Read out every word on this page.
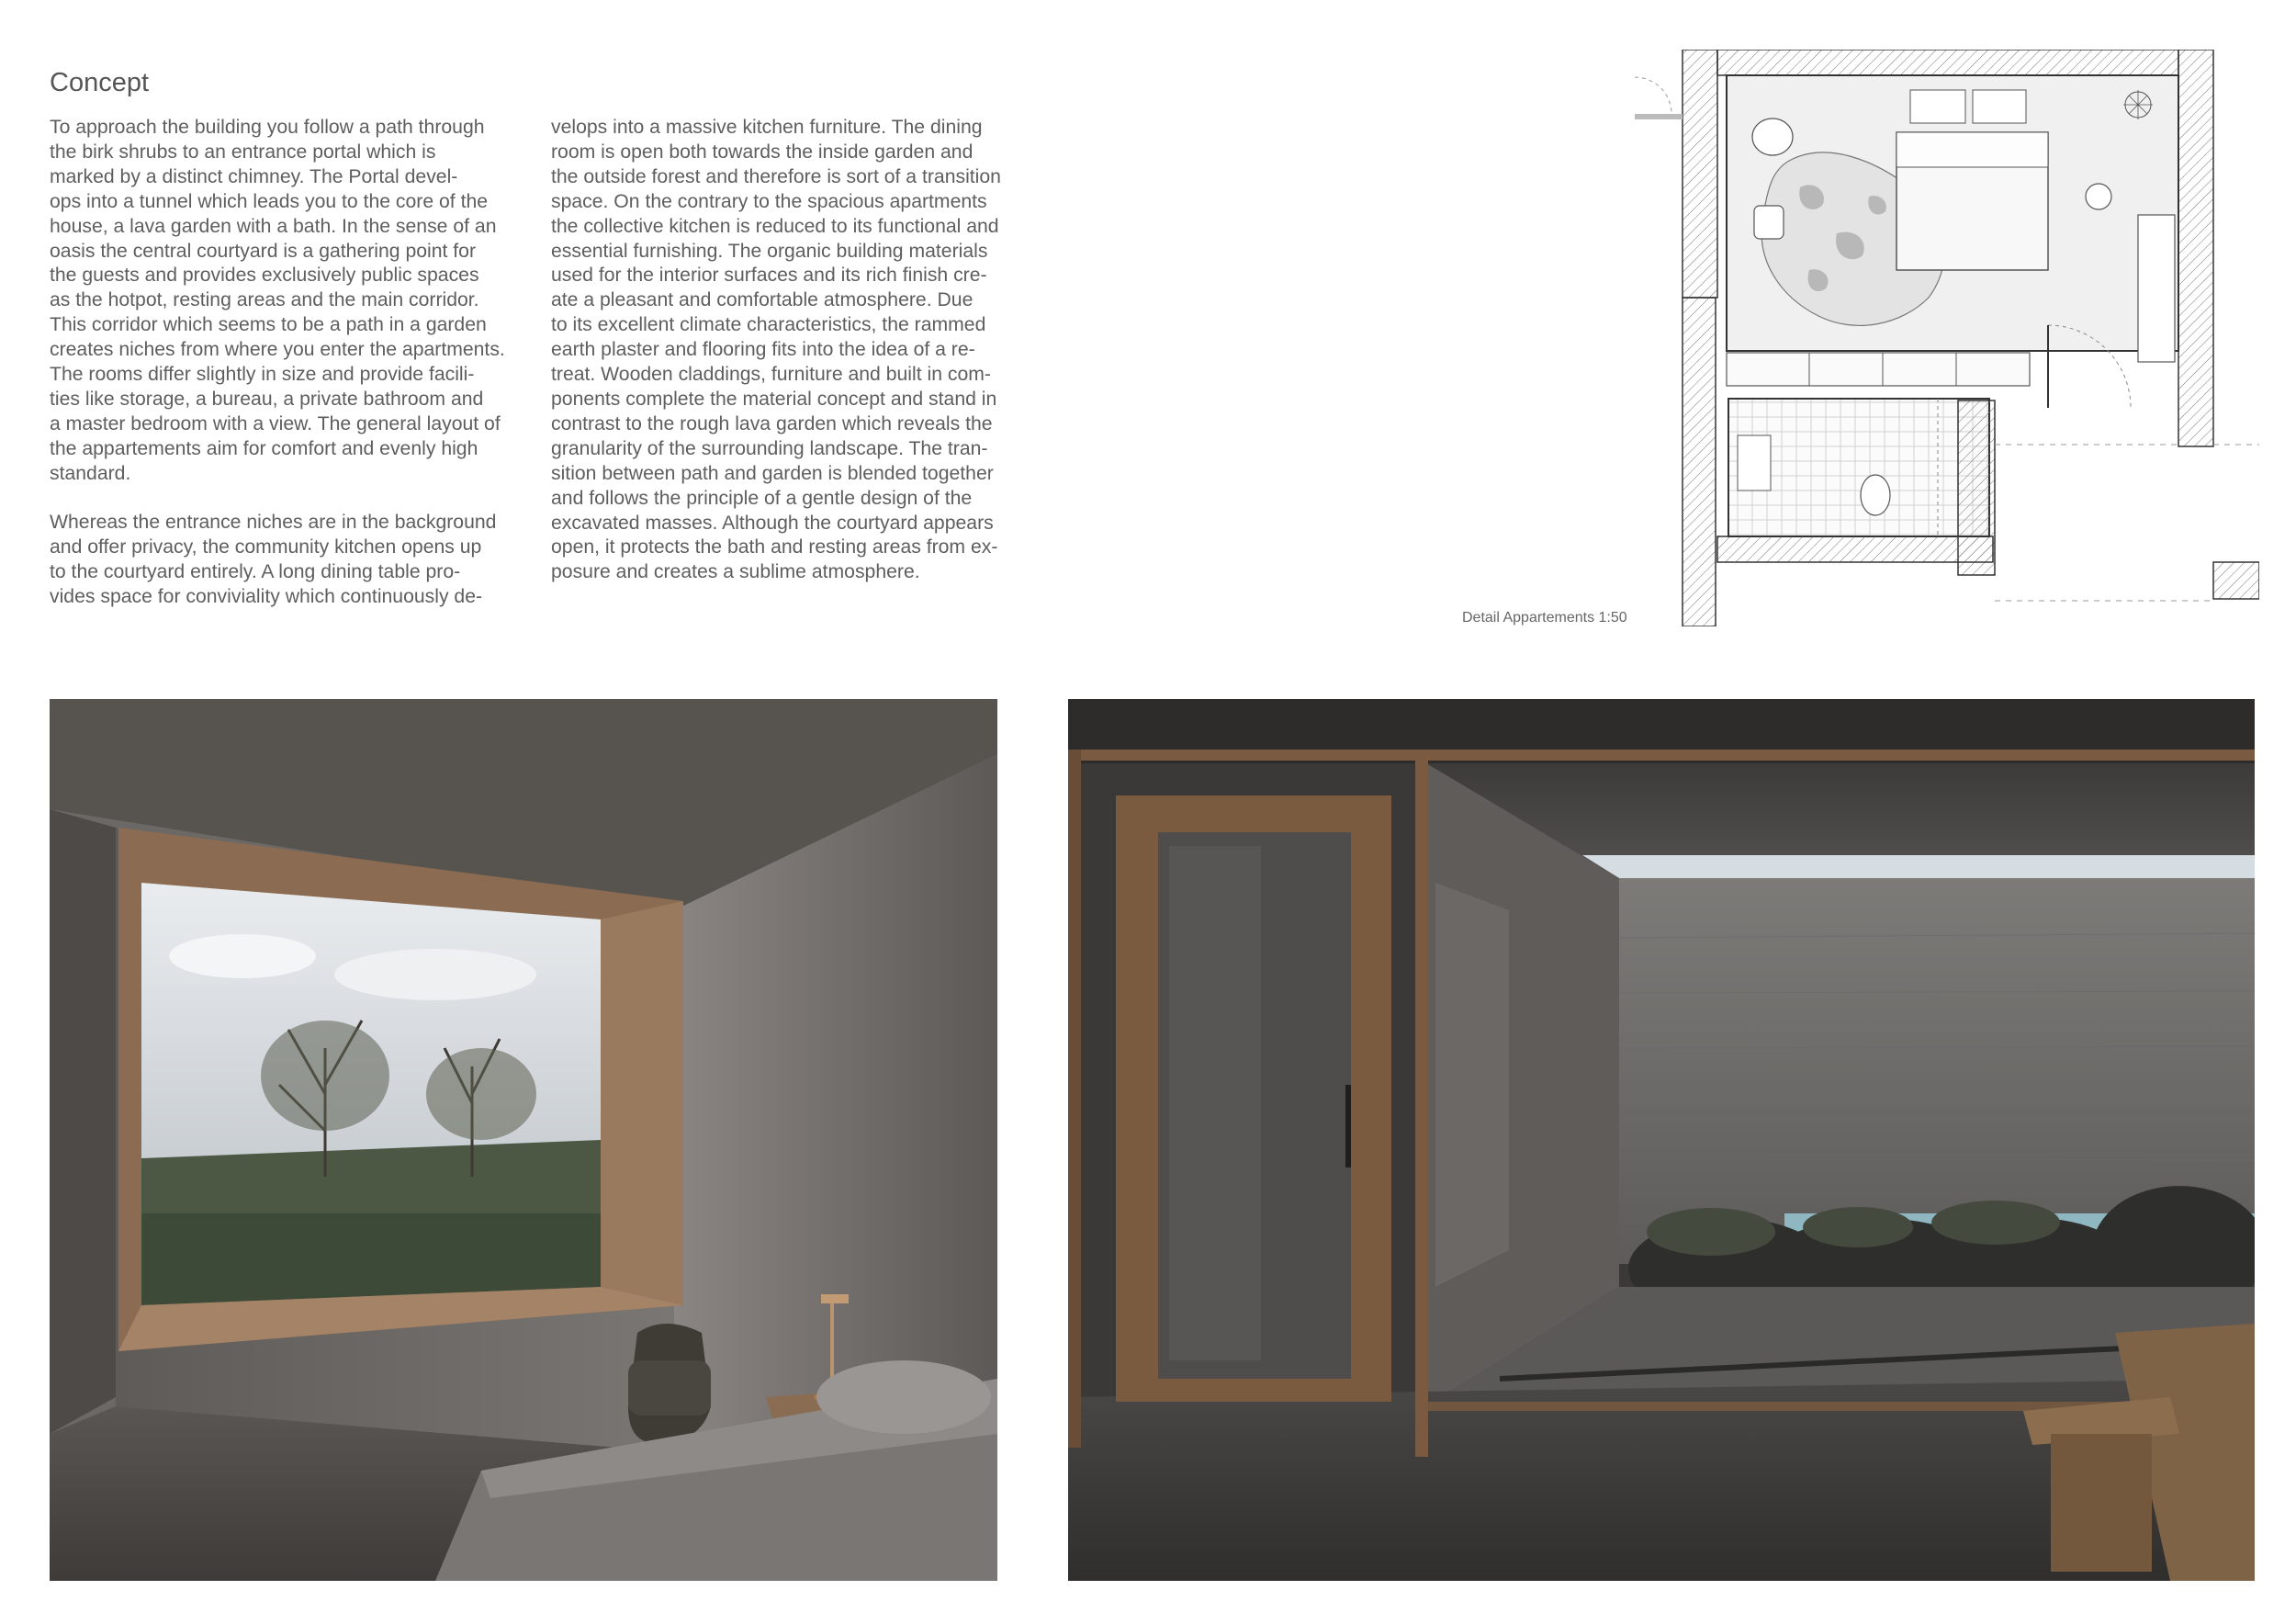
Concept

To approach the building you follow a path through
the birk shrubs to an entrance portal which is
marked by a distinct chimney. The Portal devel-
ops into a tunnel which leads you to the core of the
house, a lava garden with a bath. In the sense of an
oasis the central courtyard is a gathering point for
the guests and provides exclusively public spaces
as the hotpot, resting areas and the main corridor.
This corridor which seems to be a path in a garden
creates niches from where you enter the apartments.
The rooms differ slightly in size and provide facili-
ties like storage, a bureau, a private bathroom and
a master bedroom with a view. The general layout of
the appartements aim for comfort and evenly high
standard.

Whereas the entrance niches are in the background
and offer privacy, the community kitchen opens up
to the courtyard entirely. A long dining table pro-
vides space for conviviality which continuously de-

velops into a massive kitchen furniture. The dining
room is open both towards the inside garden and
the outside forest and therefore is sort of a transition
space. On the contrary to the spacious apartments
the collective kitchen is reduced to its functional and
essential furnishing. The organic building materials
used for the interior surfaces and its rich finish cre-
ate a pleasant and comfortable atmosphere. Due
to its excellent climate characteristics, the rammed
earth plaster and flooring fits into the idea of a re-
treat. Wooden claddings, furniture and built in com-
ponents complete the material concept and stand in
contrast to the rough lava garden which reveals the
granularity of the surrounding landscape. The tran-
sition between path and garden is blended together
and follows the principle of a gentle design of the
excavated masses. Although the courtyard appears
open, it protects the bath and resting areas from ex-
posure and creates a sublime atmosphere.

Detail Appartements 1:50
